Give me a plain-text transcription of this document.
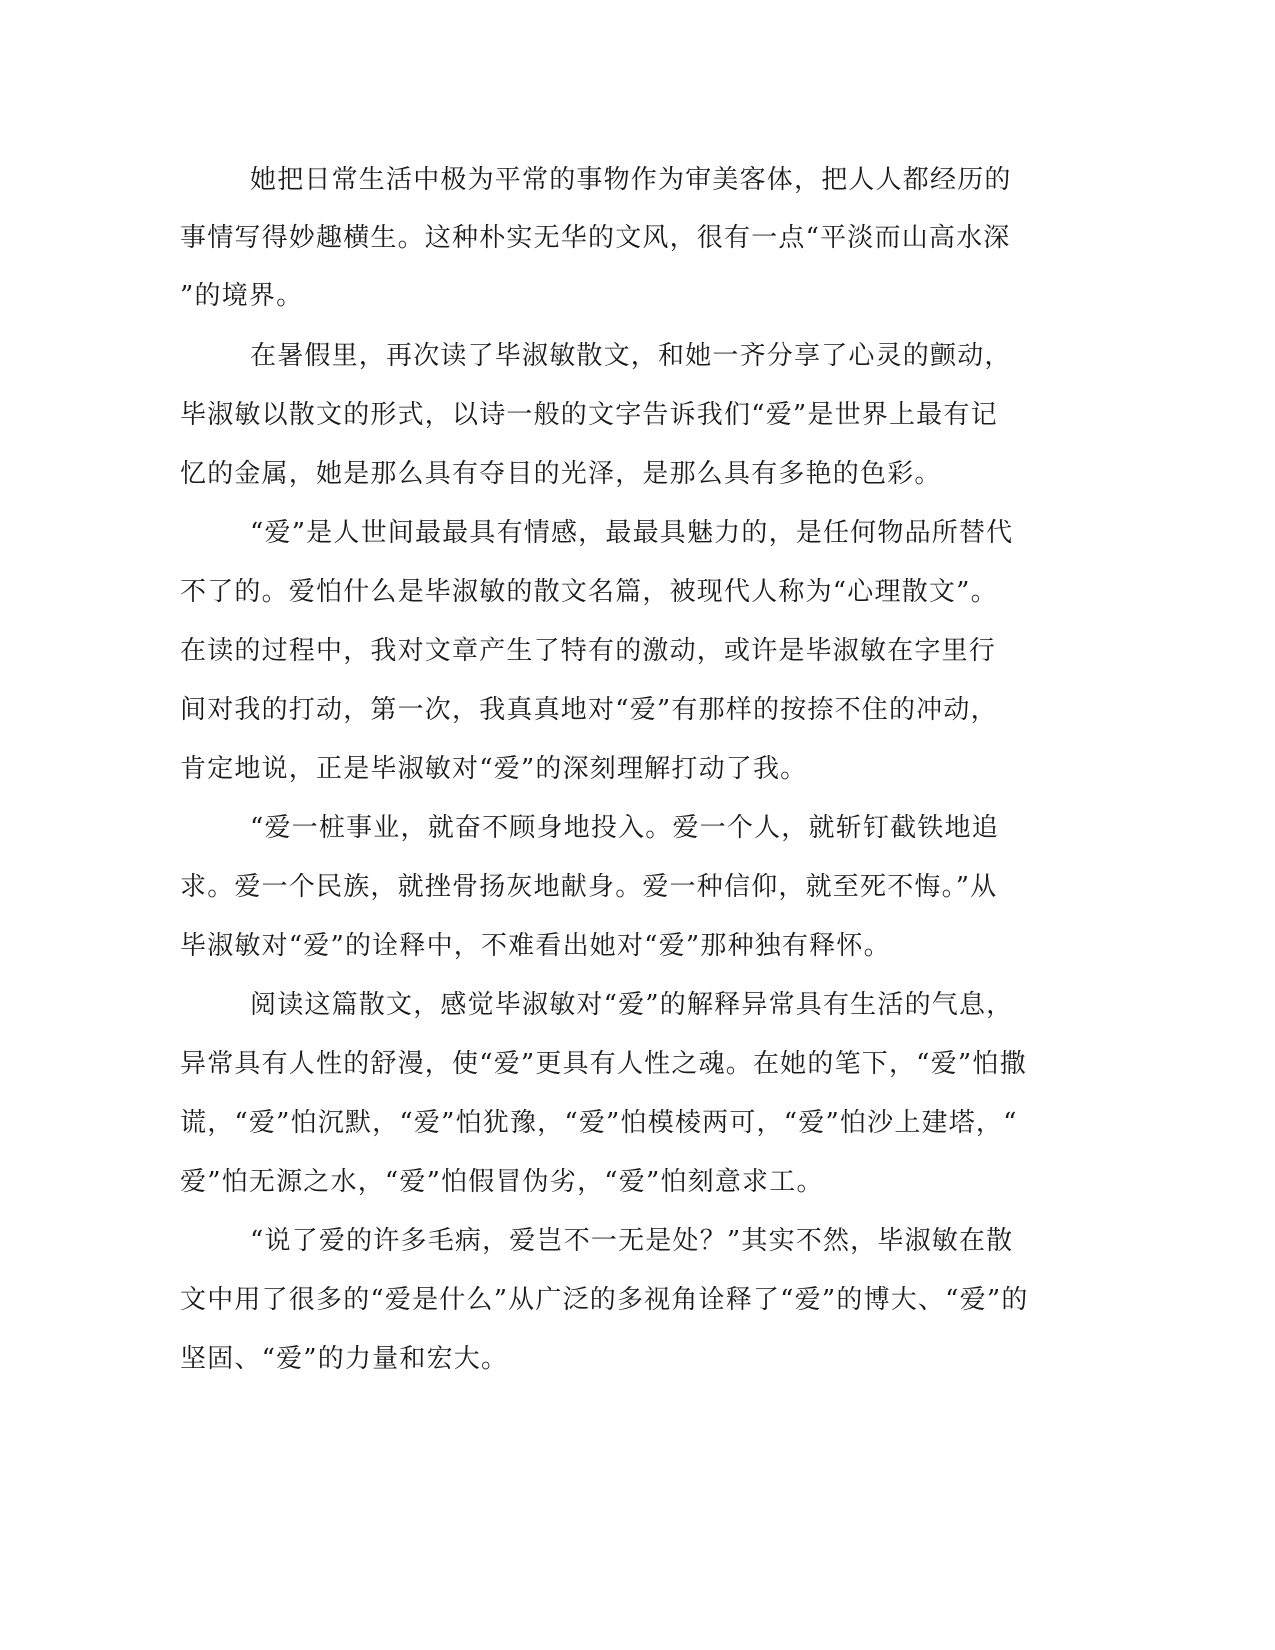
她把日常生活中极为平常的事物作为审美客体，把人人都经历的
事情写得妙趣横生。这种朴实无华的文风，很有一点“平淡而山高水深
”的境界。
在暑假里，再次读了毕淑敏散文，和她一齐分享了心灵的颤动，
毕淑敏以散文的形式，以诗一般的文字告诉我们“爱”是世界上最有记
忆的金属，她是那么具有夺目的光泽，是那么具有多艳的色彩。
“爱”是人世间最最具有情感，最最具魅力的，是任何物品所替代
不了的。爱怕什么是毕淑敏的散文名篇，被现代人称为“心理散文”。
在读的过程中，我对文章产生了特有的激动，或许是毕淑敏在字里行
间对我的打动，第一次，我真真地对“爱”有那样的按捺不住的冲动，
肯定地说，正是毕淑敏对“爱”的深刻理解打动了我。
“爱一桩事业，就奋不顾身地投入。爱一个人，就斩钉截铁地追
求。爱一个民族，就挫骨扬灰地献身。爱一种信仰，就至死不悔。”从
毕淑敏对“爱”的诠释中，不难看出她对“爱”那种独有释怀。
阅读这篇散文，感觉毕淑敏对“爱”的解释异常具有生活的气息，
异常具有人性的舒漫，使“爱”更具有人性之魂。在她的笔下，“爱”怕撒
谎，“爱”怕沉默，“爱”怕犹豫，“爱”怕模棱两可，“爱”怕沙上建塔，“
爱”怕无源之水，“爱”怕假冒伪劣，“爱”怕刻意求工。
“说了爱的许多毛病，爱岂不一无是处？”其实不然，毕淑敏在散
文中用了很多的“爱是什么”从广泛的多视角诠释了“爱”的博大、“爱”的
坚固、“爱”的力量和宏大。
